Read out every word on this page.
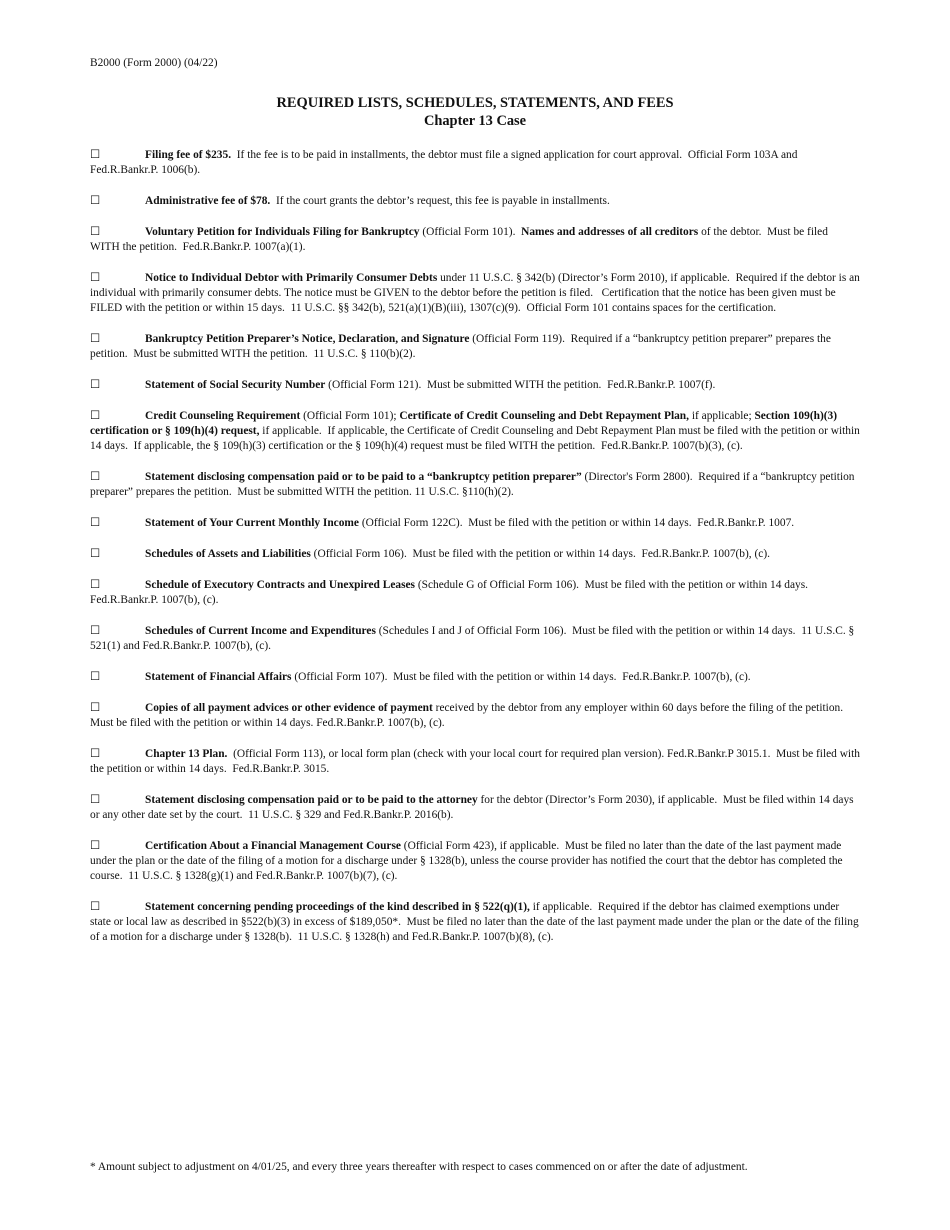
B2000 (Form 2000) (04/22)
REQUIRED LISTS, SCHEDULES, STATEMENTS, AND FEES
Chapter 13 Case
☐	Filing fee of $235.  If the fee is to be paid in installments, the debtor must file a signed application for court approval.  Official Form 103A and Fed.R.Bankr.P. 1006(b).
☐	Administrative fee of $78.  If the court grants the debtor’s request, this fee is payable in installments.
☐	Voluntary Petition for Individuals Filing for Bankruptcy (Official Form 101).  Names and addresses of all creditors of the debtor.  Must be filed WITH the petition.  Fed.R.Bankr.P. 1007(a)(1).
☐	Notice to Individual Debtor with Primarily Consumer Debts under 11 U.S.C. § 342(b) (Director’s Form 2010), if applicable.  Required if the debtor is an individual with primarily consumer debts. The notice must be GIVEN to the debtor before the petition is filed.   Certification that the notice has been given must be FILED with the petition or within 15 days.  11 U.S.C. §§ 342(b), 521(a)(1)(B)(iii), 1307(c)(9).  Official Form 101 contains spaces for the certification.
☐	Bankruptcy Petition Preparer’s Notice, Declaration, and Signature (Official Form 119).  Required if a “bankruptcy petition preparer” prepares the petition.  Must be submitted WITH the petition.  11 U.S.C. § 110(b)(2).
☐	Statement of Social Security Number (Official Form 121).  Must be submitted WITH the petition.  Fed.R.Bankr.P. 1007(f).
☐	Credit Counseling Requirement (Official Form 101); Certificate of Credit Counseling and Debt Repayment Plan, if applicable; Section 109(h)(3) certification or § 109(h)(4) request, if applicable.  If applicable, the Certificate of Credit Counseling and Debt Repayment Plan must be filed with the petition or within 14 days.  If applicable, the § 109(h)(3) certification or the § 109(h)(4) request must be filed WITH the petition.  Fed.R.Bankr.P. 1007(b)(3), (c).
☐	Statement disclosing compensation paid or to be paid to a “bankruptcy petition preparer” (Director's Form 2800).  Required if a “bankruptcy petition preparer” prepares the petition.  Must be submitted WITH the petition. 11 U.S.C. §110(h)(2).
☐	Statement of Your Current Monthly Income (Official Form 122C).  Must be filed with the petition or within 14 days.  Fed.R.Bankr.P. 1007.
☐	Schedules of Assets and Liabilities (Official Form 106).  Must be filed with the petition or within 14 days.  Fed.R.Bankr.P. 1007(b), (c).
☐	Schedule of Executory Contracts and Unexpired Leases (Schedule G of Official Form 106).  Must be filed with the petition or within 14 days.  Fed.R.Bankr.P. 1007(b), (c).
☐	Schedules of Current Income and Expenditures (Schedules I and J of Official Form 106).  Must be filed with the petition or within 14 days.  11 U.S.C. § 521(1) and Fed.R.Bankr.P. 1007(b), (c).
☐	Statement of Financial Affairs (Official Form 107).  Must be filed with the petition or within 14 days.  Fed.R.Bankr.P. 1007(b), (c).
☐	Copies of all payment advices or other evidence of payment received by the debtor from any employer within 60 days before the filing of the petition.  Must be filed with the petition or within 14 days. Fed.R.Bankr.P. 1007(b), (c).
☐	Chapter 13 Plan.  (Official Form 113), or local form plan (check with your local court for required plan version). Fed.R.Bankr.P 3015.1.  Must be filed with the petition or within 14 days.  Fed.R.Bankr.P. 3015.
☐	Statement disclosing compensation paid or to be paid to the attorney for the debtor (Director’s Form 2030), if applicable.  Must be filed within 14 days or any other date set by the court.  11 U.S.C. § 329 and Fed.R.Bankr.P. 2016(b).
☐	Certification About a Financial Management Course (Official Form 423), if applicable.  Must be filed no later than the date of the last payment made under the plan or the date of the filing of a motion for a discharge under § 1328(b), unless the course provider has notified the court that the debtor has completed the course.  11 U.S.C. § 1328(g)(1) and Fed.R.Bankr.P. 1007(b)(7), (c).
☐	Statement concerning pending proceedings of the kind described in § 522(q)(1), if applicable.  Required if the debtor has claimed exemptions under state or local law as described in §522(b)(3) in excess of $189,050*.  Must be filed no later than the date of the last payment made under the plan or the date of the filing of a motion for a discharge under § 1328(b).  11 U.S.C. § 1328(h) and Fed.R.Bankr.P. 1007(b)(8), (c).
* Amount subject to adjustment on 4/01/25, and every three years thereafter with respect to cases commenced on or after the date of adjustment.
